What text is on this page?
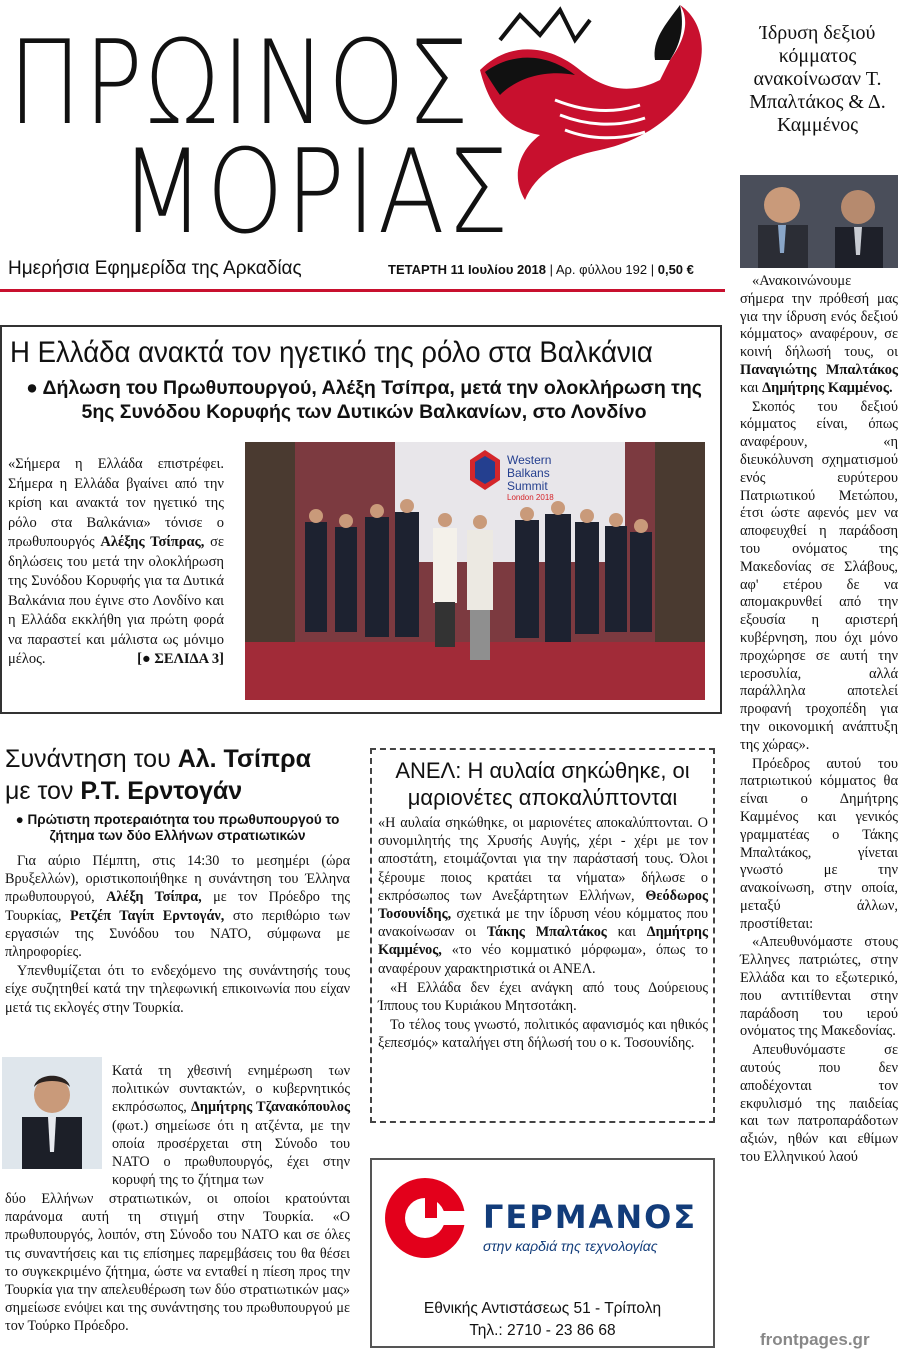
ΠΡΩΙΝΟΣ
ΜΟΡΙΑΣ
Ημερήσια Εφημερίδα της Αρκαδίας	ΤΕΤΑΡΤΗ 11 Ιουλίου 2018 | Αρ. φύλλου 192 | 0,50 €
Ίδρυση δεξιού κόμματος ανακοίνωσαν Τ. Μπαλτάκος & Δ. Καμμένος

«Ανακοινώνουμε σήμερα την πρόθεσή μας για την ίδρυση ενός δεξιού κόμματος» αναφέρουν, σε κοινή δήλωσή τους, οι Παναγιώτης Μπαλτάκος και Δημήτρης Καμμένος.

Σκοπός του δεξιού κόμματος είναι, όπως αναφέρουν, «η διευκόλυνση σχηματισμού ενός ευρύτερου Πατριωτικού Μετώπου, έτσι ώστε αφενός μεν να αποφευχθεί η παράδοση του ονόματος της Μακεδονίας σε Σλάβους, αφ' ετέρου δε να απομακρυνθεί από την εξουσία η αριστερή κυβέρνηση, που όχι μόνο προχώρησε σε αυτή την ιεροσυλία, αλλά παράλληλα αποτελεί προφανή τροχοπέδη για την οικονομική ανάπτυξη της χώρας».

Πρόεδρος αυτού του πατριωτικού κόμματος θα είναι ο Δημήτρης Καμμένος και γενικός γραμματέας ο Τάκης Μπαλτάκος, γίνεται γνωστό με την ανακοίνωση, στην οποία, μεταξύ άλλων, προστίθεται:

«Απευθυνόμαστε στους Έλληνες πατριώτες, στην Ελλάδα και το εξωτερικό, που αντιτίθενται στην παράδοση του ιερού ονόματος της Μακεδονίας.

Απευθυνόμαστε σε αυτούς που δεν αποδέχονται τον εκφυλισμό της παιδείας και των πατροπαράδοτων αξιών, ηθών και εθίμων του Ελληνικού λαού

Η Ελλάδα ανακτά τον ηγετικό της ρόλο στα Βαλκάνια
● Δήλωση του Πρωθυπουργού, Αλέξη Τσίπρα, μετά την ολοκλήρωση της 5ης Συνόδου Κορυφής των Δυτικών Βαλκανίων, στο Λονδίνο
«Σήμερα η Ελλάδα επιστρέφει. Σήμερα η Ελλάδα βγαίνει από την κρίση και ανακτά τον ηγετικό της ρόλο στα Βαλκάνια» τόνισε ο πρωθυπουργός Αλέξης Τσίπρας, σε δηλώσεις του μετά την ολοκλήρωση της Συνόδου Κορυφής για τα Δυτικά Βαλκάνια που έγινε στο Λονδίνο και η Ελλάδα εκκλήθη για πρώτη φορά να παραστεί και μάλιστα ως μόνιμο μέλος.	[● ΣΕΛΙΔΑ 3]
Western
Balkans
Summit
London 2018
Συνάντηση του Αλ. Τσίπρα
με τον Ρ.Τ. Ερντογάν
● Πρώτιστη προτεραιότητα του πρωθυπουργού το ζήτημα των δύο Ελλήνων στρατιωτικών

Για αύριο Πέμπτη, στις 14:30 το μεσημέρι (ώρα Βρυξελλών), οριστικοποιήθηκε η συνάντηση του Έλληνα πρωθυπουργού, Αλέξη Τσίπρα, με τον Πρόεδρο της Τουρκίας, Ρετζέπ Ταγίπ Ερντογάν, στο περιθώριο των εργασιών της Συνόδου του ΝΑΤΟ, σύμφωνα με πληροφορίες.

Υπενθυμίζεται ότι το ενδεχόμενο της συνάντησής τους είχε συζητηθεί κατά την τηλεφωνική επικοινωνία που είχαν μετά τις εκλογές στην Τουρκία.

Κατά τη χθεσινή ενημέρωση των πολιτικών συντακτών, ο κυβερνητικός εκπρόσωπος, Δημήτρης Τζανακόπουλος (φωτ.) σημείωσε ότι η ατζέντα, με την οποία προσέρχεται στη Σύνοδο του ΝΑΤΟ ο πρωθυπουργός, έχει στην κορυφή της το ζήτημα των
δύο Ελλήνων στρατιωτικών, οι οποίοι κρατούνται παράνομα αυτή τη στιγμή στην Τουρκία. «Ο πρωθυπουργός, λοιπόν, στη Σύνοδο του ΝΑΤΟ και σε όλες τις συναντήσεις και τις επίσημες παρεμβάσεις του θα θέσει το συγκεκριμένο ζήτημα, ώστε να ενταθεί η πίεση προς την Τουρκία για την απελευθέρωση των δύο στρατιωτικών μας» σημείωσε ενόψει και της συνάντησης του πρωθυπουργού με τον Τούρκο Πρόεδρο.
ΑΝΕΛ: Η αυλαία σηκώθηκε, οι μαριονέτες αποκαλύπτονται

«Η αυλαία σηκώθηκε, οι μαριονέτες αποκαλύπτονται. Ο συνομιλητής της Χρυσής Αυγής, χέρι - χέρι με τον αποστάτη, ετοιμάζονται για την παράστασή τους. Όλοι ξέρουμε ποιος κρατάει τα νήματα» δήλωσε ο εκπρόσωπος των Ανεξάρτητων Ελλήνων, Θεόδωρος Τοσουνίδης, σχετικά με την ίδρυση νέου κόμματος που ανακοίνωσαν οι Τάκης Μπαλτάκος και Δημήτρης Καμμένος, «το νέο κομματικό μόρφωμα», όπως το αναφέρουν χαρακτηριστικά οι ΑΝΕΛ.

«Η Ελλάδα δεν έχει ανάγκη από τους Δούρειους Ίππους του Κυριάκου Μητσοτάκη.

Το τέλος τους γνωστό, πολιτικός αφανισμός και ηθικός ξεπεσμός» καταλήγει στη δήλωσή του ο κ. Τοσουνίδης.

ΓΕΡΜΑΝΟΣ
στην καρδιά της τεχνολογίας
Εθνικής Αντιστάσεως 51 - Τρίπολη
Τηλ.: 2710 - 23 86 68	frontpages.gr
